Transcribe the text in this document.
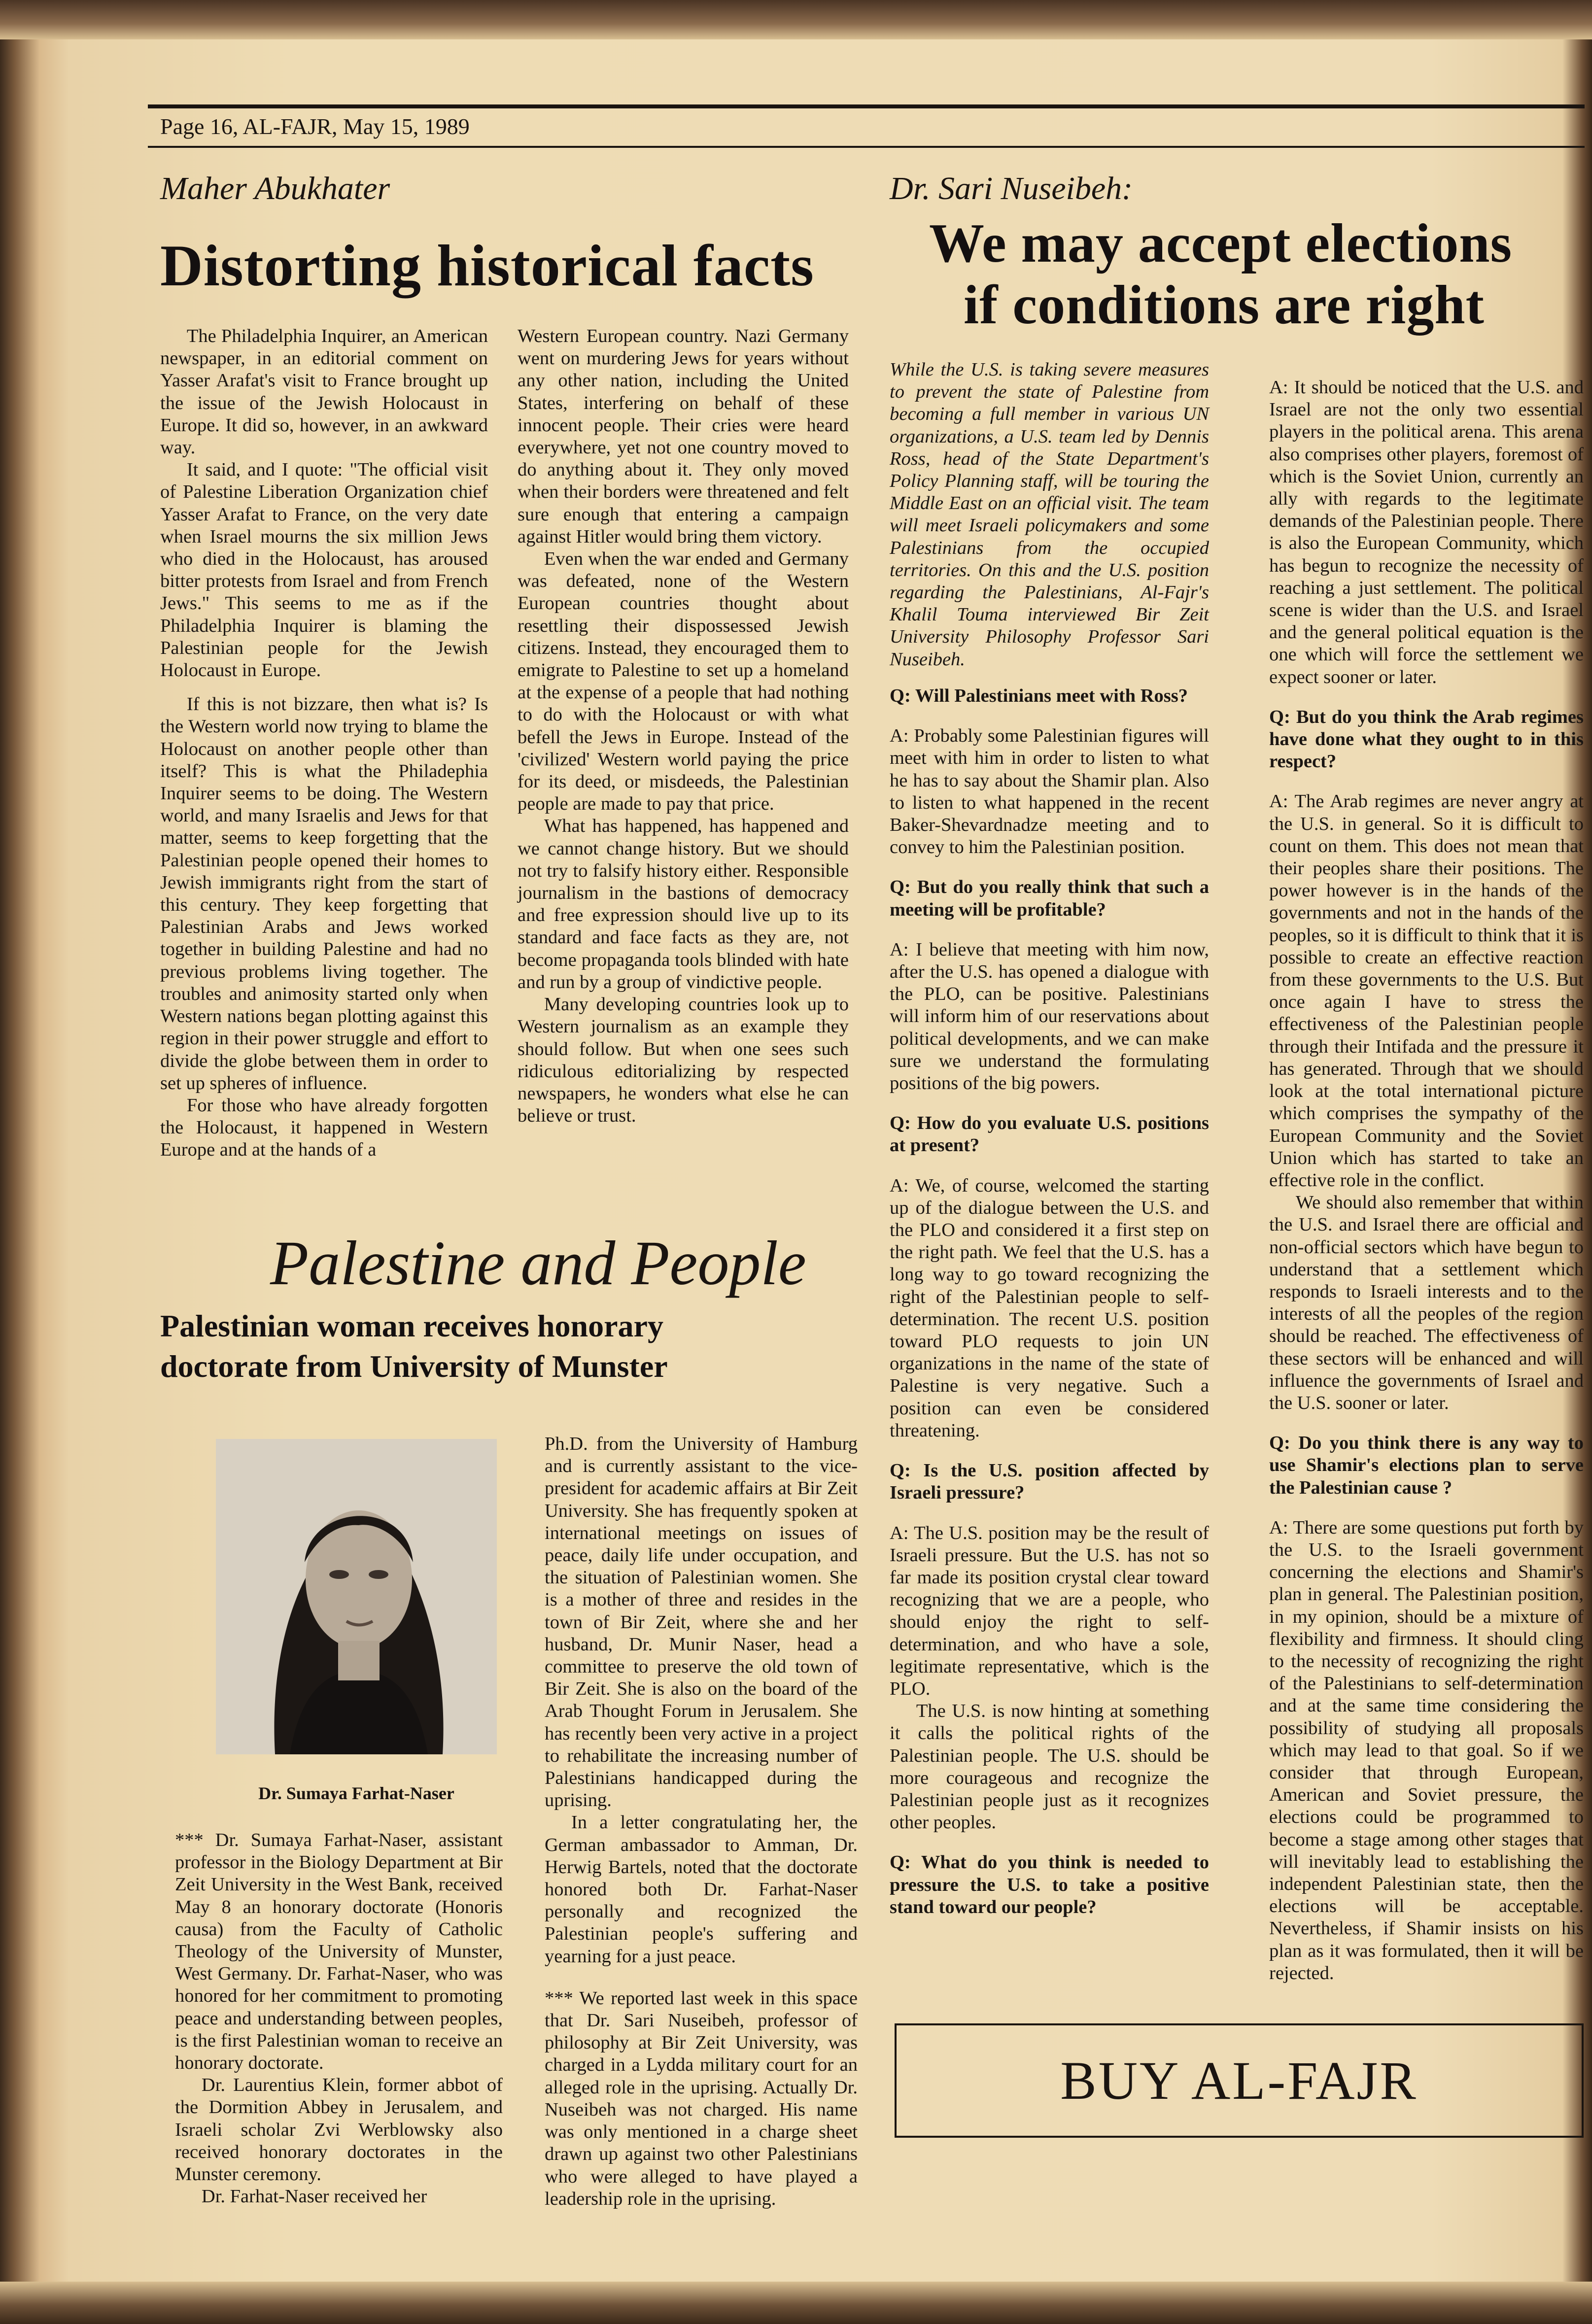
Page 16, AL-FAJR, May 15, 1989
Maher Abukhater
Distorting historical facts

The Philadelphia Inquirer, an American newspaper, in an editorial comment on Yasser Arafat's visit to France brought up the issue of the Jewish Holocaust in Europe. It did so, however, in an awkward way.

It said, and I quote: "The official visit of Palestine Liberation Organization chief Yasser Arafat to France, on the very date when Israel mourns the six million Jews who died in the Holocaust, has aroused bitter protests from Israel and from French Jews." This seems to me as if the Philadelphia Inquirer is blaming the Palestinian people for the Jewish Holocaust in Europe.

If this is not bizzare, then what is? Is the Western world now trying to blame the Holocaust on another people other than itself? This is what the Philadephia Inquirer seems to be doing. The Western world, and many Israelis and Jews for that matter, seems to keep forgetting that the Palestinian people opened their homes to Jewish immigrants right from the start of this century. They keep forgetting that Palestinian Arabs and Jews worked together in building Palestine and had no previous problems living together. The troubles and animosity started only when Western nations began plotting against this region in their power struggle and effort to divide the globe between them in order to set up spheres of influence.

For those who have already forgotten the Holocaust, it happened in Western Europe and at the hands of a

Western European country. Nazi Germany went on murdering Jews for years without any other nation, including the United States, interfering on behalf of these innocent people. Their cries were heard everywhere, yet not one country moved to do anything about it. They only moved when their borders were threatened and felt sure enough that entering a campaign against Hitler would bring them victory.

Even when the war ended and Germany was defeated, none of the Western European countries thought about resettling their dispossessed Jewish citizens. Instead, they encouraged them to emigrate to Palestine to set up a homeland at the expense of a people that had nothing to do with the Holocaust or with what befell the Jews in Europe. Instead of the 'civilized' Western world paying the price for its deed, or misdeeds, the Palestinian people are made to pay that price.

What has happened, has happened and we cannot change history. But we should not try to falsify history either. Responsible journalism in the bastions of democracy and free expression should live up to its standard and face facts as they are, not become propaganda tools blinded with hate and run by a group of vindictive people.

Many developing countries look up to Western journalism as an example they should follow. But when one sees such ridiculous editorializing by respected newspapers, he wonders what else he can believe or trust.

Palestine and People
Palestinian woman receives honorary
doctorate from University of Munster
Dr. Sumaya Farhat-Naser

*** Dr. Sumaya Farhat-Naser, assistant professor in the Biology Department at Bir Zeit University in the West Bank, received May 8 an honorary doctorate (Honoris causa) from the Faculty of Catholic Theology of the University of Munster, West Germany. Dr. Farhat-Naser, who was honored for her commitment to promoting peace and understanding between peoples, is the first Palestinian woman to receive an honorary doctorate.

Dr. Laurentius Klein, former abbot of the Dormition Abbey in Jerusalem, and Israeli scholar Zvi Werblowsky also received honorary doctorates in the Munster ceremony.

Dr. Farhat-Naser received her

Ph.D. from the University of Hamburg and is currently assistant to the vice-president for academic affairs at Bir Zeit University. She has frequently spoken at international meetings on issues of peace, daily life under occupation, and the situation of Palestinian women. She is a mother of three and resides in the town of Bir Zeit, where she and her husband, Dr. Munir Naser, head a committee to preserve the old town of Bir Zeit. She is also on the board of the Arab Thought Forum in Jerusalem. She has recently been very active in a project to rehabilitate the increasing number of Palestinians handicapped during the uprising.

In a letter congratulating her, the German ambassador to Amman, Dr. Herwig Bartels, noted that the doctorate honored both Dr. Farhat-Naser personally and recognized the Palestinian people's suffering and yearning for a just peace.

*** We reported last week in this space that Dr. Sari Nuseibeh, professor of philosophy at Bir Zeit University, was charged in a Lydda military court for an alleged role in the uprising. Actually Dr. Nuseibeh was not charged. His name was only mentioned in a charge sheet drawn up against two other Palestinians who were alleged to have played a leadership role in the uprising.

Dr. Sari Nuseibeh:
We may accept elections
if conditions are right
While the U.S. is taking severe measures to prevent the state of Palestine from becoming a full member in various UN organizations, a U.S. team led by Dennis Ross, head of the State Department's Policy Planning staff, will be touring the Middle East on an official visit. The team will meet Israeli policymakers and some Palestinians from the occupied territories. On this and the U.S. position regarding the Palestinians, Al-Fajr's Khalil Touma interviewed Bir Zeit University Philosophy Professor Sari Nuseibeh.

Q: Will Palestinians meet with Ross?

A: Probably some Palestinian figures will meet with him in order to listen to what he has to say about the Shamir plan. Also to listen to what happened in the recent Baker-Shevardnadze meeting and to convey to him the Palestinian position.

Q: But do you really think that such a meeting will be profitable?

A: I believe that meeting with him now, after the U.S. has opened a dialogue with the PLO, can be positive. Palestinians will inform him of our reservations about political developments, and we can make sure we understand the formulating positions of the big powers.

Q: How do you evaluate U.S. positions at present?

A: We, of course, welcomed the starting up of the dialogue between the U.S. and the PLO and considered it a first step on the right path. We feel that the U.S. has a long way to go toward recognizing the right of the Palestinian people to self-determination. The recent U.S. position toward PLO requests to join UN organizations in the name of the state of Palestine is very negative. Such a position can even be considered threatening.

Q: Is the U.S. position affected by Israeli pressure?

A: The U.S. position may be the result of Israeli pressure. But the U.S. has not so far made its position crystal clear toward recognizing that we are a people, who should enjoy the right to self-determination, and who have a sole, legitimate representative, which is the PLO.

The U.S. is now hinting at something it calls the political rights of the Palestinian people. The U.S. should be more courageous and recognize the Palestinian people just as it recognizes other peoples.

Q: What do you think is needed to pressure the U.S. to take a positive stand toward our people?

A: It should be noticed that the U.S. and Israel are not the only two essential players in the political arena. This arena also comprises other players, foremost of which is the Soviet Union, currently an ally with regards to the legitimate demands of the Palestinian people. There is also the European Community, which has begun to recognize the necessity of reaching a just settlement. The political scene is wider than the U.S. and Israel and the general political equation is the one which will force the settlement we expect sooner or later.

Q: But do you think the Arab regimes have done what they ought to in this respect?

A: The Arab regimes are never angry at the U.S. in general. So it is difficult to count on them. This does not mean that their peoples share their positions. The power however is in the hands of the governments and not in the hands of the peoples, so it is difficult to think that it is possible to create an effective reaction from these governments to the U.S. But once again I have to stress the effectiveness of the Palestinian people through their Intifada and the pressure it has generated. Through that we should look at the total international picture which comprises the sympathy of the European Community and the Soviet Union which has started to take an effective role in the conflict.

We should also remember that within the U.S. and Israel there are official and non-official sectors which have begun to understand that a settlement which responds to Israeli interests and to the interests of all the peoples of the region should be reached. The effectiveness of these sectors will be enhanced and will influence the governments of Israel and the U.S. sooner or later.

Q: Do you think there is any way to use Shamir's elections plan to serve the Palestinian cause ?

A: There are some questions put forth by the U.S. to the Israeli government concerning the elections and Shamir's plan in general. The Palestinian position, in my opinion, should be a mixture of flexibility and firmness. It should cling to the necessity of recognizing the right of the Palestinians to self-determination and at the same time considering the possibility of studying all proposals which may lead to that goal. So if we consider that through European, American and Soviet pressure, the elections could be programmed to become a stage among other stages that will inevitably lead to establishing the independent Palestinian state, then the elections will be acceptable. Nevertheless, if Shamir insists on his plan as it was formulated, then it will be rejected.

BUY AL-FAJR
